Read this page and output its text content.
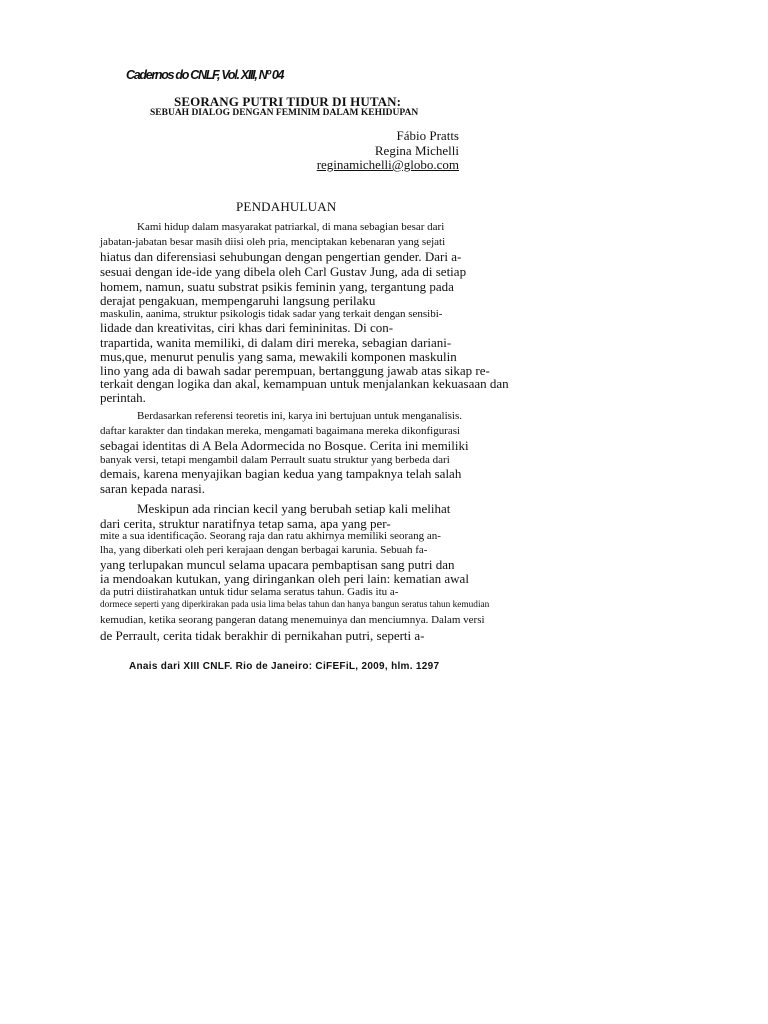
Cadernos do CNLF, Vol. XIII, Nº 04
SEORANG PUTRI TIDUR DI HUTAN:
SEBUAH DIALOG DENGAN FEMINIM DALAM KEHIDUPAN
Fábio Pratts
Regina Michelli
reginamichelli@globo.com
PENDAHULUAN
Kami hidup dalam masyarakat patriarkal, di mana sebagian besar dari
jabatan-jabatan besar masih diisi oleh pria, menciptakan kebenaran yang sejati
hiatus dan diferensiasi sehubungan dengan pengertian gender. Dari a-
sesuai dengan ide-ide yang dibela oleh Carl Gustav Jung, ada di setiap
homem, namun, suatu substrat psikis feminin yang, tergantung pada
derajat pengakuan, mempengaruhi langsung perilaku
maskulin, aanima, struktur psikologis tidak sadar yang terkait dengan sensibi-
lidade dan kreativitas, ciri khas dari femininitas. Di con-
trapartida, wanita memiliki, di dalam diri mereka, sebagian dariani-
mus,que, menurut penulis yang sama, mewakili komponen maskulin
lino yang ada di bawah sadar perempuan, bertanggung jawab atas sikap re-
terkait dengan logika dan akal, kemampuan untuk menjalankan kekuasaan dan
perintah.
Berdasarkan referensi teoretis ini, karya ini bertujuan untuk menganalisis.
daftar karakter dan tindakan mereka, mengamati bagaimana mereka dikonfigurasi
sebagai identitas di A Bela Adormecida no Bosque. Cerita ini memiliki
banyak versi, tetapi mengambil dalam Perrault suatu struktur yang berbeda dari
demais, karena menyajikan bagian kedua yang tampaknya telah salah
saran kepada narasi.
Meskipun ada rincian kecil yang berubah setiap kali melihat
dari cerita, struktur naratifnya tetap sama, apa yang per-
mite a sua identificação. Seorang raja dan ratu akhirnya memiliki seorang an-
lha, yang diberkati oleh peri kerajaan dengan berbagai karunia. Sebuah fa-
yang terlupakan muncul selama upacara pembaptisan sang putri dan
ia mendoakan kutukan, yang diringankan oleh peri lain: kematian awal
da putri diistirahatkan untuk tidur selama seratus tahun. Gadis itu a-
dormece seperti yang diperkirakan pada usia lima belas tahun dan hanya bangun seratus tahun kemudian
kemudian, ketika seorang pangeran datang menemuinya dan menciumnya. Dalam versi
de Perrault, cerita tidak berakhir di pernikahan putri, seperti a-
Anais dari XIII CNLF. Rio de Janeiro: CiFEFiL, 2009, hlm. 1297
